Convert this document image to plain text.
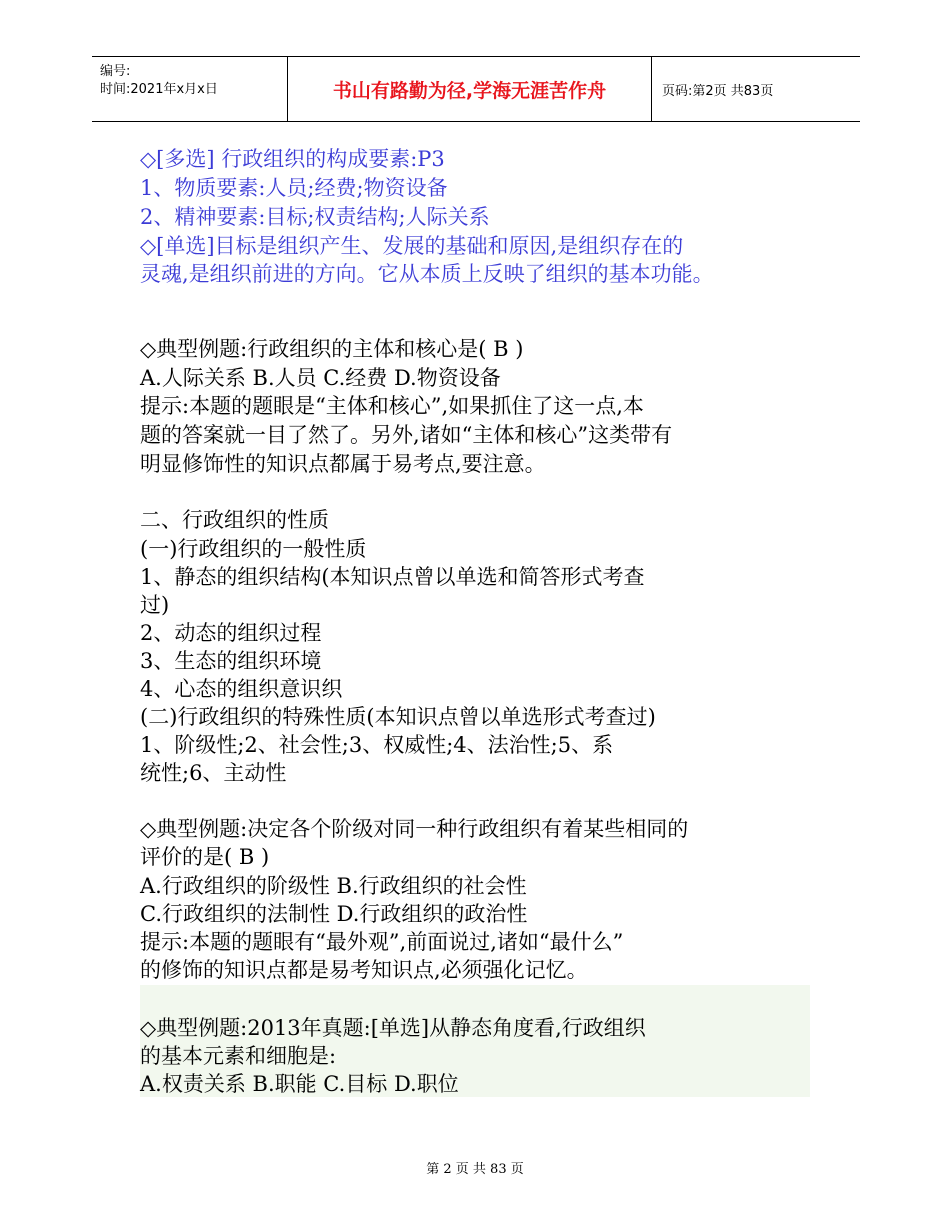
编号:
时间:2021年x月x日	书山有路勤为径,学海无涯苦作舟	页码:第2页 共83页
◇[多选] 行政组织的构成要素:P3
1、物质要素:人员;经费;物资设备
2、精神要素:目标;权责结构;人际关系
◇[单选]目标是组织产生、发展的基础和原因,是组织存在的
灵魂,是组织前进的方向。它从本质上反映了组织的基本功能。
◇典型例题:行政组织的主体和核心是( B )
A.人际关系 B.人员 C.经费 D.物资设备
提示:本题的题眼是“主体和核心”,如果抓住了这一点,本
题的答案就一目了然了。另外,诸如“主体和核心”这类带有
明显修饰性的知识点都属于易考点,要注意。
二、行政组织的性质
(一)行政组织的一般性质
1、静态的组织结构(本知识点曾以单选和简答形式考查
过)
2、动态的组织过程
3、生态的组织环境
4、心态的组织意识织
(二)行政组织的特殊性质(本知识点曾以单选形式考查过)
1、阶级性;2、社会性;3、权威性;4、法治性;5、系
统性;6、主动性
◇典型例题:决定各个阶级对同一种行政组织有着某些相同的
评价的是( B )
A.行政组织的阶级性 B.行政组织的社会性
C.行政组织的法制性 D.行政组织的政治性
提示:本题的题眼有“最外观”,前面说过,诸如“最什么”
的修饰的知识点都是易考知识点,必须强化记忆。
◇典型例题:2013年真题:[单选]从静态角度看,行政组织
的基本元素和细胞是:
A.权责关系 B.职能 C.目标 D.职位
第 2 页 共 83 页
